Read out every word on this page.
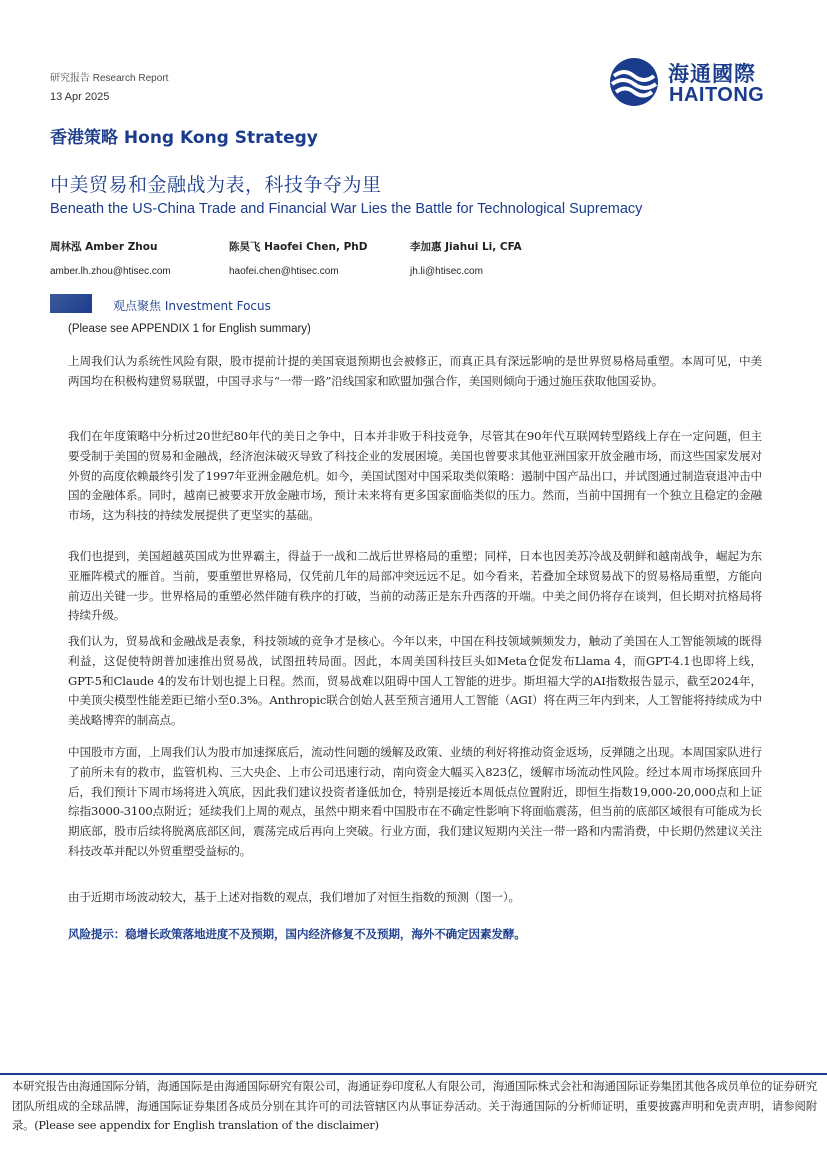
研究报告 Research Report
13 Apr 2025
海通國際
HAITONG
香港策略 Hong Kong Strategy
中美贸易和金融战为表，科技争夺为里
Beneath the US-China Trade and Financial War Lies the Battle for Technological Supremacy
周林泓 Amber Zhou
amber.lh.zhou@htisec.com
陈昊飞 Haofei Chen, PhD
haofei.chen@htisec.com
李加惠 Jiahui Li, CFA
jh.li@htisec.com
观点聚焦 Investment Focus
(Please see APPENDIX 1 for English summary)

上周我们认为系统性风险有限，股市提前计提的美国衰退预期也会被修正，而真正具有深远影响的是世界贸易格局重塑。本周可见，中美两国均在积极构建贸易联盟，中国寻求与“一带一路”沿线国家和欧盟加强合作，美国则倾向于通过施压获取他国妥协。

我们在年度策略中分析过20世纪80年代的美日之争中，日本并非败于科技竞争，尽管其在90年代互联网转型路线上存在一定问题，但主要受制于美国的贸易和金融战，经济泡沫破灭导致了科技企业的发展困境。美国也曾要求其他亚洲国家开放金融市场，而这些国家发展对外贸的高度依赖最终引发了1997年亚洲金融危机。如今，美国试图对中国采取类似策略：遏制中国产品出口，并试图通过制造衰退冲击中国的金融体系。同时，越南已被要求开放金融市场，预计未来将有更多国家面临类似的压力。然而，当前中国拥有一个独立且稳定的金融市场，这为科技的持续发展提供了更坚实的基础。

我们也提到，美国超越英国成为世界霸主，得益于一战和二战后世界格局的重塑；同样，日本也因美苏冷战及朝鲜和越南战争，崛起为东亚雁阵模式的雁首。当前，要重塑世界格局，仅凭前几年的局部冲突远远不足。如今看来，若叠加全球贸易战下的贸易格局重塑，方能向前迈出关键一步。世界格局的重塑必然伴随有秩序的打破，当前的动荡正是东升西落的开端。中美之间仍将存在谈判，但长期对抗格局将持续升级。

我们认为，贸易战和金融战是表象，科技领域的竞争才是核心。今年以来，中国在科技领域频频发力，触动了美国在人工智能领域的既得利益，这促使特朗普加速推出贸易战，试图扭转局面。因此，本周美国科技巨头如Meta仓促发布Llama 4，而GPT-4.1也即将上线，GPT-5和Claude 4的发布计划也提上日程。然而，贸易战难以阻碍中国人工智能的进步。斯坦福大学的AI指数报告显示，截至2024年，中美顶尖模型性能差距已缩小至0.3%。Anthropic联合创始人甚至预言通用人工智能（AGI）将在两三年内到来，人工智能将持续成为中美战略博弈的制高点。

中国股市方面，上周我们认为股市加速探底后，流动性问题的缓解及政策、业绩的利好将推动资金返场，反弹随之出现。本周国家队进行了前所未有的救市，监管机构、三大央企、上市公司迅速行动，南向资金大幅买入823亿，缓解市场流动性风险。经过本周市场探底回升后，我们预计下周市场将进入筑底，因此我们建议投资者逢低加仓，特别是接近本周低点位置附近，即恒生指数19,000-20,000点和上证综指3000-3100点附近；延续我们上周的观点，虽然中期来看中国股市在不确定性影响下将面临震荡，但当前的底部区域很有可能成为长期底部，股市后续将脱离底部区间，震荡完成后再向上突破。行业方面，我们建议短期内关注一带一路和内需消费，中长期仍然建议关注科技改革并配以外贸重塑受益标的。

由于近期市场波动较大，基于上述对指数的观点，我们增加了对恒生指数的预测（图一）。

风险提示：稳增长政策落地进度不及预期，国内经济修复不及预期，海外不确定因素发酵。
本研究报告由海通国际分销，海通国际是由海通国际研究有限公司，海通证券印度私人有限公司，海通国际株式会社和海通国际证券集团其他各成员单位的证券研究团队所组成的全球品牌，海通国际证券集团各成员分别在其许可的司法管辖区内从事证券活动。关于海通国际的分析师证明，重要披露声明和免责声明，请参阅附录。(Please see appendix for English translation of the disclaimer)
